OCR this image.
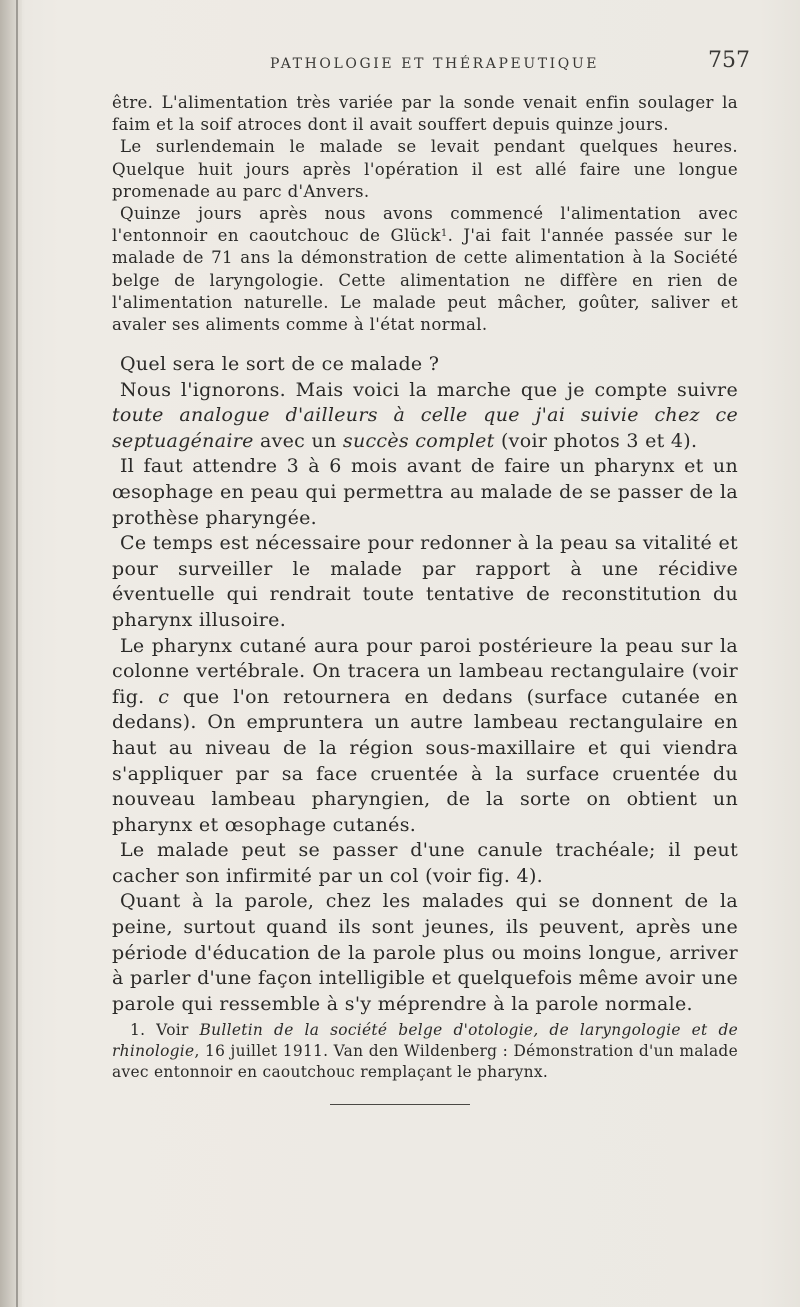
PATHOLOGIE ET THÉRAPEUTIQUE	757

être. L'alimentation très variée par la sonde venait enfin soulager la faim et la soif atroces dont il avait souffert depuis quinze jours.

Le surlendemain le malade se levait pendant quelques heures. Quelque huit jours après l'opération il est allé faire une longue promenade au parc d'Anvers.

Quinze jours après nous avons commencé l'alimentation avec l'entonnoir en caoutchouc de Glück$^1$. J'ai fait l'année passée sur le malade de 71 ans la démonstration de cette alimentation à la Société belge de laryngologie. Cette alimentation ne diffère en rien de l'alimentation naturelle. Le malade peut mâcher, goûter, saliver et avaler ses aliments comme à l'état normal.

Quel sera le sort de ce malade ?

Nous l'ignorons. Mais voici la marche que je compte suivre toute analogue d'ailleurs à celle que j'ai suivie chez ce septuagénaire avec un succès complet (voir photos 3 et 4).

Il faut attendre 3 à 6 mois avant de faire un pharynx et un œsophage en peau qui permettra au malade de se passer de la prothèse pharyngée.

Ce temps est nécessaire pour redonner à la peau sa vitalité et pour surveiller le malade par rapport à une récidive éventuelle qui rendrait toute tentative de reconstitution du pharynx illusoire.

Le pharynx cutané aura pour paroi postérieure la peau sur la colonne vertébrale. On tracera un lambeau rectangulaire (voir fig. c que l'on retournera en dedans (surface cutanée en dedans). On empruntera un autre lambeau rectangulaire en haut au niveau de la région sous-maxillaire et qui viendra s'appliquer par sa face cruentée à la surface cruentée du nouveau lambeau pharyngien, de la sorte on obtient un pharynx et œsophage cutanés.

Le malade peut se passer d'une canule trachéale; il peut cacher son infirmité par un col (voir fig. 4).

Quant à la parole, chez les malades qui se donnent de la peine, surtout quand ils sont jeunes, ils peuvent, après une période d'éducation de la parole plus ou moins longue, arriver à parler d'une façon intelligible et quelquefois même avoir une parole qui ressemble à s'y méprendre à la parole normale.

1. Voir Bulletin de la société belge d'otologie, de laryngologie et de rhinologie, 16 juillet 1911. Van den Wildenberg : Démonstration d'un malade avec entonnoir en caoutchouc remplaçant le pharynx.
